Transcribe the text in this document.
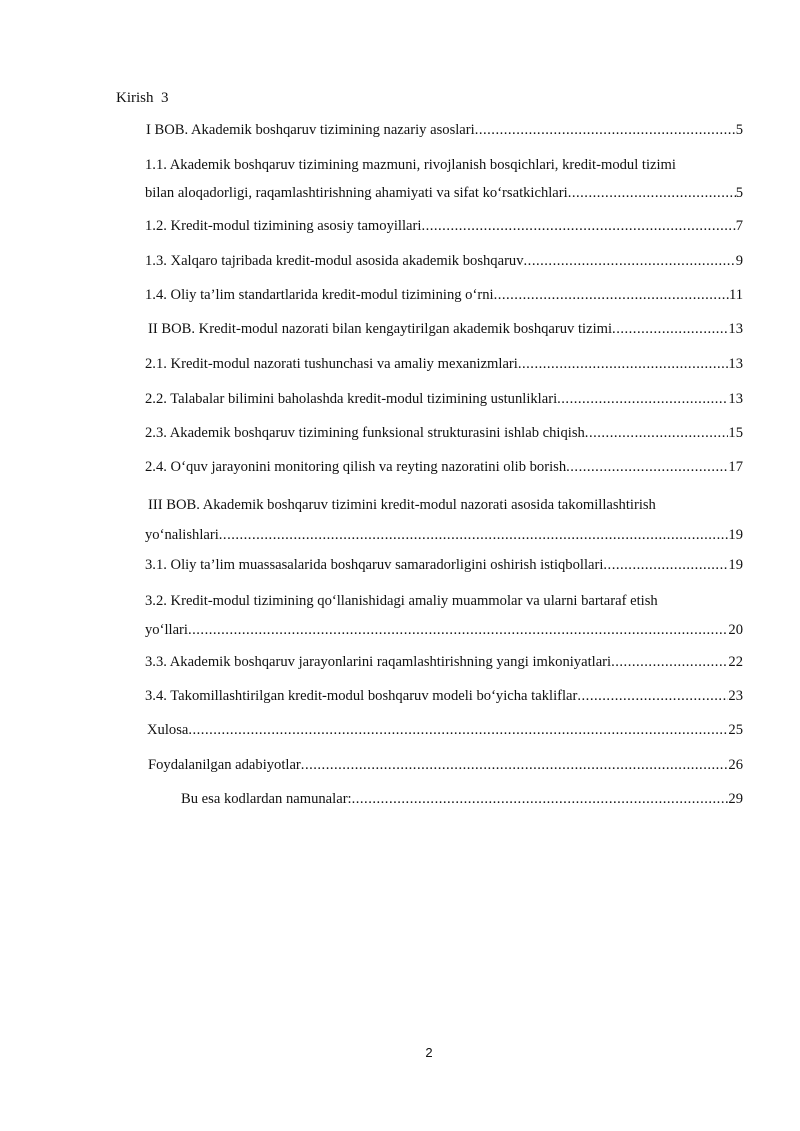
Kirish 3
I BOB. Akademik boshqaruv tizimining nazariy asoslari .....	5
1.1. Akademik boshqaruv tizimining mazmuni, rivojlanish bosqichlari, kredit-modul tizimi
bilan aloqadorligi, raqamlashtirishning ahamiyati va sifat ko‘rsatkichlari .....	5
1.2. Kredit-modul tizimining asosiy tamoyillari .....	7
1.3. Xalqaro tajribada kredit-modul asosida akademik boshqaruv .....	9
1.4. Oliy ta’lim standartlarida kredit-modul tizimining o‘rni .....	11
II BOB. Kredit-modul nazorati bilan kengaytirilgan akademik boshqaruv tizimi .....	13
2.1. Kredit-modul nazorati tushunchasi va amaliy mexanizmlari .....	13
2.2. Talabalar bilimini baholashda kredit-modul tizimining ustunliklari .....	13
2.3. Akademik boshqaruv tizimining funksional strukturasini ishlab chiqish .....	15
2.4. O‘quv jarayonini monitoring qilish va reyting nazoratini olib borish .....	17
III BOB. Akademik boshqaruv tizimini kredit-modul nazorati asosida takomillashtirish
yo‘nalishlari .....	19
3.1. Oliy ta’lim muassasalarida boshqaruv samaradorligini oshirish istiqbollari .....	19
3.2. Kredit-modul tizimining qo‘llanishidagi amaliy muammolar va ularni bartaraf etish
yo‘llari .....	20
3.3. Akademik boshqaruv jarayonlarini raqamlashtirishning yangi imkoniyatlari .....	22
3.4. Takomillashtirilgan kredit-modul boshqaruv modeli bo‘yicha takliflar .....	23
Xulosa .....	25
Foydalanilgan adabiyotlar .....	26
Bu esa kodlardan namunalar: .....	29
2
